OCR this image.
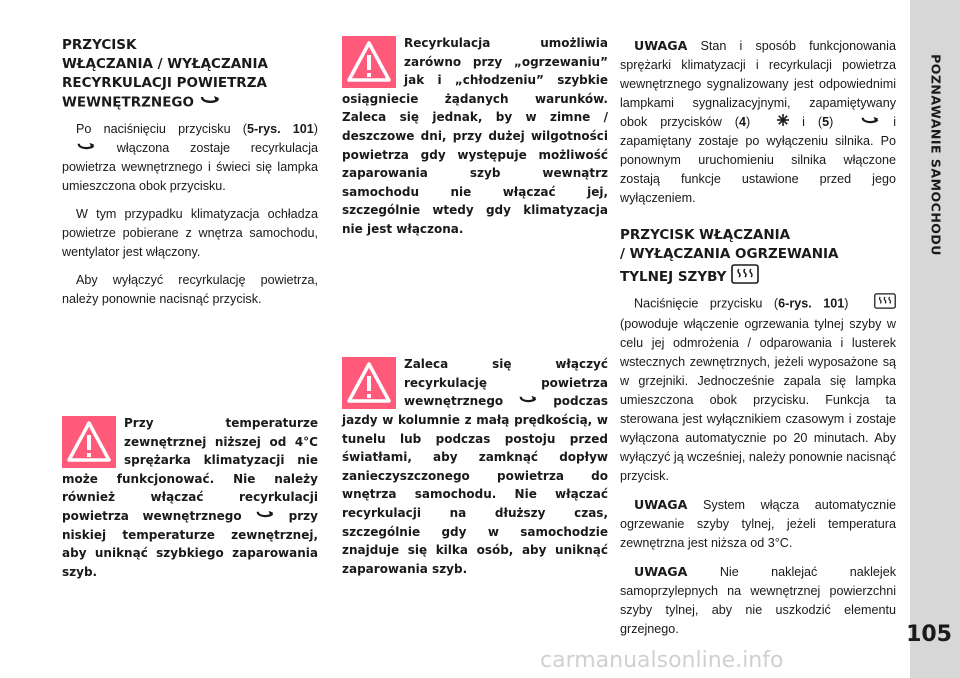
PRZYCISK
WŁĄCZANIA / WYŁĄCZANIA
RECYRKULACJI POWIETRZA
WEWNĘTRZNEGO

Po naciśnięciu przycisku (5-rys. 101)  włączona zostaje recyrkulacja powietrza wewnętrznego i świeci się lampka umieszczona obok przycisku.

W tym przypadku klimatyzacja ochładza powietrze pobierane z wnętrza samochodu, wentylator jest włączony.

Aby wyłączyć recyrkulację powietrza, należy ponownie nacisnąć przycisk.

Przy temperaturze zewnętrznej niższej od 4°C sprężarka klimatyzacji nie może funkcjonować. Nie należy również włączać recyrkulacji powietrza wewnętrznego	przy niskiej temperaturze zewnętrznej, aby uniknąć szybkiego zaparowania szyb.

Recyrkulacja umożliwia zarówno przy „ogrzewaniu” jak i „chłodzeniu” szybkie osiągniecie żądanych warunków. Zaleca się jednak, by w zimne / deszczowe dni, przy dużej wilgotności powietrza gdy występuje możliwość zaparowania szyb wewnątrz samochodu nie włączać jej, szczególnie wtedy gdy klimatyzacja nie jest włączona.

Zaleca się włączyć recyrkulację powietrza wewnętrznego	podczas jazdy w kolumnie z małą prędkością, w tunelu lub podczas postoju przed światłami, aby zamknąć dopływ zanieczyszczonego powietrza do wnętrza samochodu. Nie włączać recyrkulacji na dłuższy czas, szczególnie gdy w samochodzie znajduje się kilka osób, aby uniknąć zaparowania szyb.

UWAGA Stan i sposób funkcjonowania sprężarki klimatyzacji i recyrkulacji powietrza wewnętrznego sygnalizowany jest odpowiednimi lampkami sygnalizacyjnymi, zapamiętywany obok przycisków (4)  i (5)	i zapamiętany zostaje po wyłączeniu silnika. Po ponownym uruchomieniu silnika włączone zostają funkcje ustawione przed jego wyłączeniem.

PRZYCISK WŁĄCZANIA
/ WYŁĄCZANIA OGRZEWANIA
TYLNEJ SZYBY

Naciśnięcie przycisku (6-rys. 101)  (powoduje włączenie ogrzewania tylnej szyby w celu jej odmrożenia / odparowania i lusterek wstecznych zewnętrznych, jeżeli wyposażone są w grzejniki. Jednocześnie zapala się lampka umieszczona obok przycisku. Funkcja ta sterowana jest wyłącznikiem czasowym i zostaje wyłączona automatycznie po 20 minutach. Aby wyłączyć ją wcześniej, należy ponownie nacisnąć przycisk.

UWAGA System włącza automatycznie ogrzewanie szyby tylnej, jeżeli temperatura zewnętrzna jest niższa od 3°C.

UWAGA Nie naklejać naklejek samoprzylepnych na wewnętrznej powierzchni szyby tylnej, aby nie uszkodzić elementu grzejnego.

POZNAWANIE SAMOCHODU
105
carmanualsonline.info
